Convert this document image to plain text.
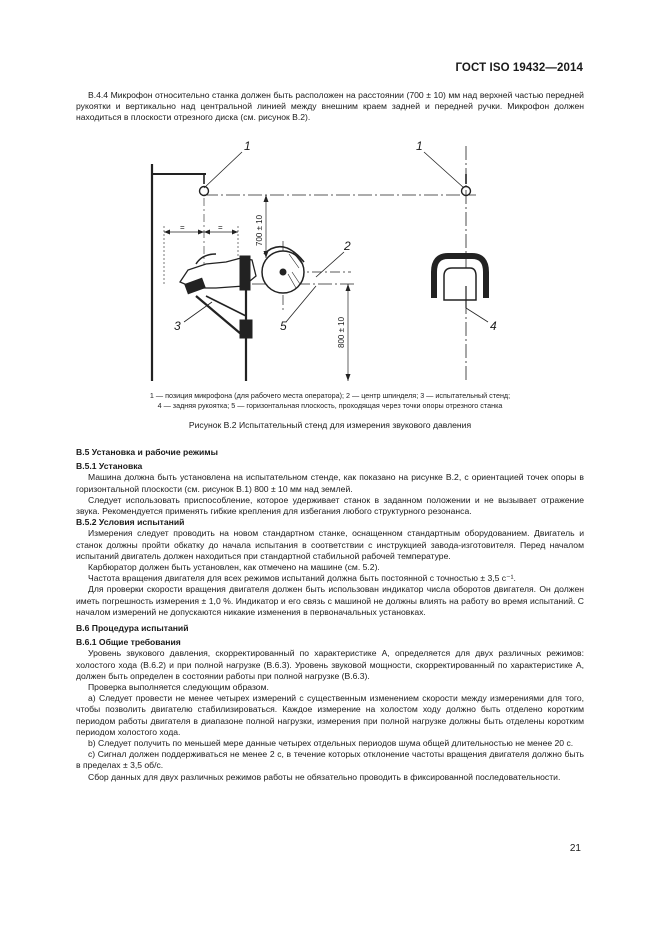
ГОСТ ISO 19432—2014

В.4.4 Микрофон относительно станка должен быть расположен на расстоянии (700 ± 10) мм над верхней частью передней рукоятки и вертикально над центральной линией между внешним краем задней и передней ручки. Микрофон должен находиться в плоскости отрезного диска (см. рисунок В.2).

1	1
2
3	4
5
=	=	700 ± 10
800 ± 10
1 — позиция микрофона (для рабочего места оператора); 2 — центр шпинделя; 3 — испытательный стенд;
4 — задняя рукоятка; 5 — горизонтальная плоскость, проходящая через точки опоры отрезного станка
Рисунок В.2 Испытательный стенд для измерения звукового давления

В.5 Установка и рабочие режимы

В.5.1 Установка

Машина должна быть установлена на испытательном стенде, как показано на рисунке В.2, с ориентацией точек опоры в горизонтальной плоскости (см. рисунок В.1) 800 ± 10 мм над землей.

Следует использовать приспособление, которое удерживает станок в заданном положении и не вызывает отражение звука. Рекомендуется применять гибкие крепления для избегания любого структурного резонанса.

В.5.2 Условия испытаний

Измерения следует проводить на новом стандартном станке, оснащенном стандартным оборудованием. Двигатель и станок должны пройти обкатку до начала испытания в соответствии с инструкцией завода-изготовителя. Перед началом испытаний двигатель должен находиться при стандартной стабильной рабочей температуре.

Карбюратор должен быть установлен, как отмечено на машине (см. 5.2).

Частота вращения двигателя для всех режимов испытаний должна быть постоянной с точностью ± 3,5 с⁻¹.

Для проверки скорости вращения двигателя должен быть использован индикатор числа оборотов двигателя. Он должен иметь погрешность измерения ± 1,0 %. Индикатор и его связь с машиной не должны влиять на работу во время испытаний. С началом измерений не допускаются никакие изменения в первоначальных установках.

В.6 Процедура испытаний

В.6.1 Общие требования

Уровень звукового давления, скорректированный по характеристике А, определяется для двух различных режимов: холостого хода (В.6.2) и при полной нагрузке (В.6.3). Уровень звуковой мощности, скорректированный по характеристике А, должен быть определен в состоянии работы при полной нагрузке (В.6.3).

Проверка выполняется следующим образом.

а) Следует провести не менее четырех измерений с существенным изменением скорости между измерениями для того, чтобы позволить двигателю стабилизироваться. Каждое измерение на холостом ходу должно быть отделено коротким периодом работы двигателя в диапазоне полной нагрузки, измерения при полной нагрузке должны быть отделены коротким периодом холостого хода.

b) Следует получить по меньшей мере данные четырех отдельных периодов шума общей длительностью не менее 20 с.

c) Сигнал должен поддерживаться не менее 2 с, в течение которых отклонение частоты вращения двигателя должно быть в пределах ± 3,5 об/с.

Сбор данных для двух различных режимов работы не обязательно проводить в фиксированной последовательности.

21
